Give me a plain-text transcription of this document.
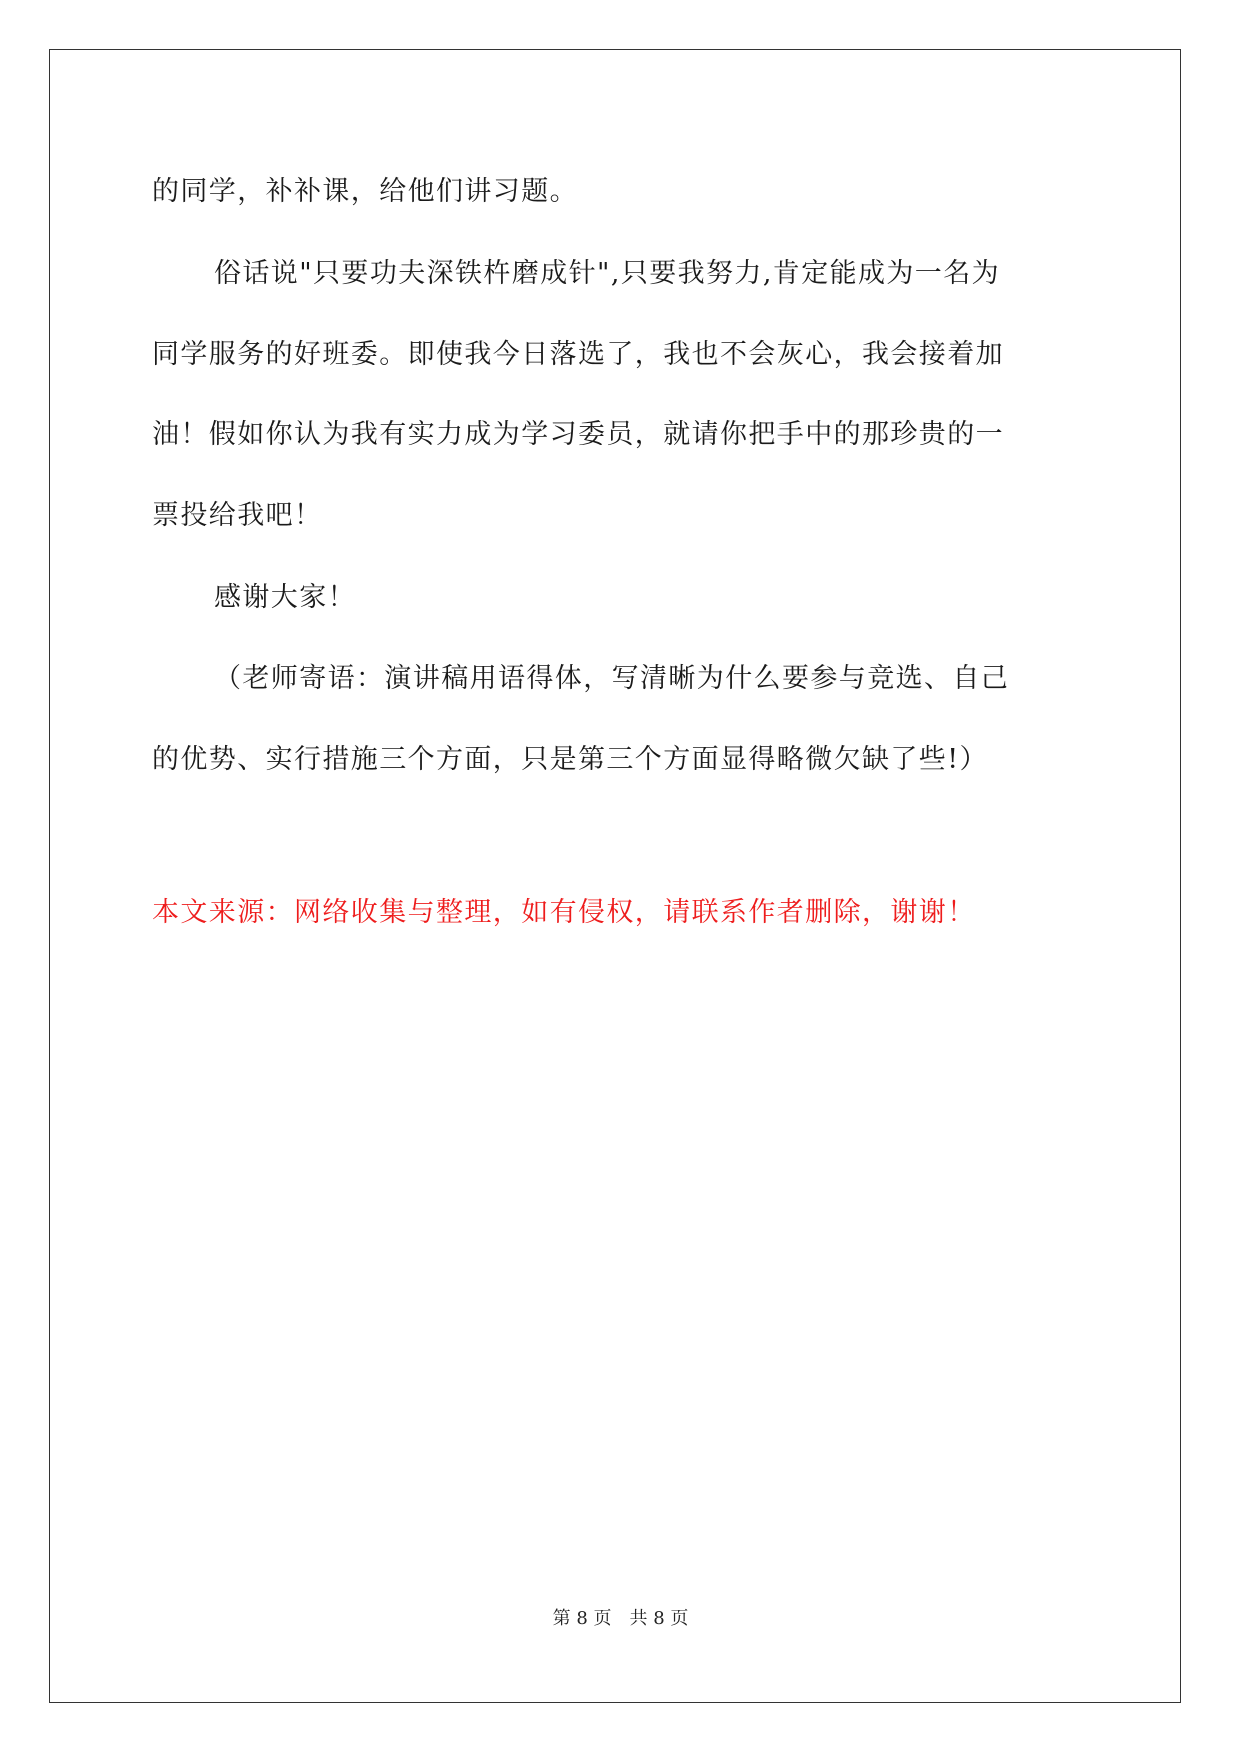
的同学，补补课，给他们讲习题。
俗话说"只要功夫深铁杵磨成针",只要我努力,肯定能成为一名为
同学服务的好班委。即使我今日落选了，我也不会灰心，我会接着加
油！假如你认为我有实力成为学习委员，就请你把手中的那珍贵的一
票投给我吧！
感谢大家！
（老师寄语：演讲稿用语得体，写清晰为什么要参与竞选、自己
的优势、实行措施三个方面，只是第三个方面显得略微欠缺了些!）
本文来源：网络收集与整理，如有侵权，请联系作者删除，谢谢！
第 8 页　共 8 页
